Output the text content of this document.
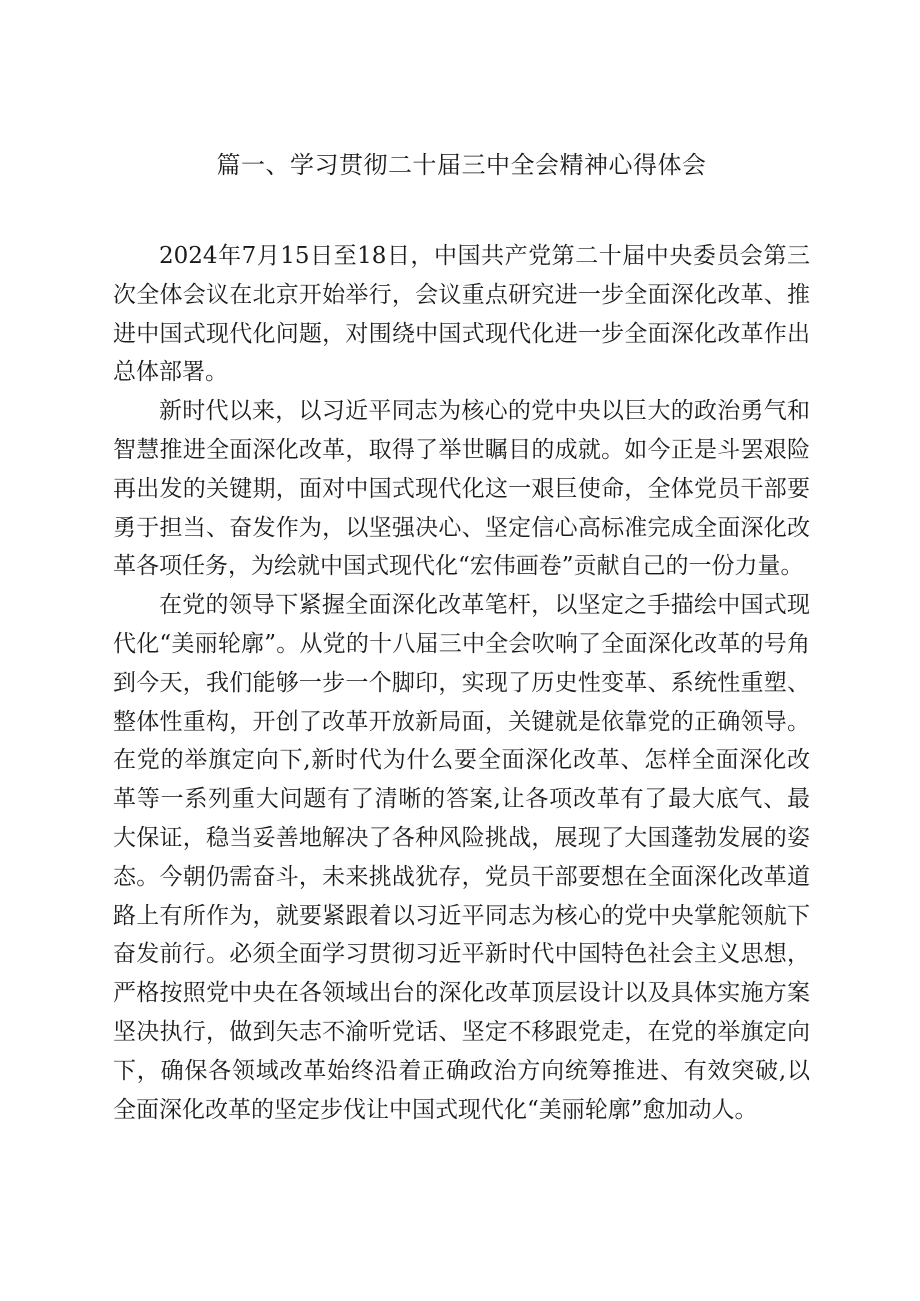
篇一、学习贯彻二十届三中全会精神心得体会

2024年7月15日至18日，中国共产党第二十届中央委员会第三次全体会议在北京开始举行，会议重点研究进一步全面深化改革、推进中国式现代化问题，对围绕中国式现代化进一步全面深化改革作出总体部署。

新时代以来，以习近平同志为核心的党中央以巨大的政治勇气和智慧推进全面深化改革，取得了举世瞩目的成就。如今正是斗罢艰险再出发的关键期，面对中国式现代化这一艰巨使命，全体党员干部要勇于担当、奋发作为，以坚强决心、坚定信心高标准完成全面深化改革各项任务，为绘就中国式现代化“宏伟画卷”贡献自己的一份力量。

在党的领导下紧握全面深化改革笔杆，以坚定之手描绘中国式现代化“美丽轮廓”。从党的十八届三中全会吹响了全面深化改革的号角到今天，我们能够一步一个脚印，实现了历史性变革、系统性重塑、整体性重构，开创了改革开放新局面，关键就是依靠党的正确领导。在党的举旗定向下,新时代为什么要全面深化改革、怎样全面深化改革等一系列重大问题有了清晰的答案,让各项改革有了最大底气、最大保证，稳当妥善地解决了各种风险挑战，展现了大国蓬勃发展的姿态。今朝仍需奋斗，未来挑战犹存，党员干部要想在全面深化改革道路上有所作为，就要紧跟着以习近平同志为核心的党中央掌舵领航下奋发前行。必须全面学习贯彻习近平新时代中国特色社会主义思想，严格按照党中央在各领域出台的深化改革顶层设计以及具体实施方案坚决执行，做到矢志不渝听党话、坚定不移跟党走，在党的举旗定向下，确保各领域改革始终沿着正确政治方向统筹推进、有效突破,以全面深化改革的坚定步伐让中国式现代化“美丽轮廓”愈加动人。
